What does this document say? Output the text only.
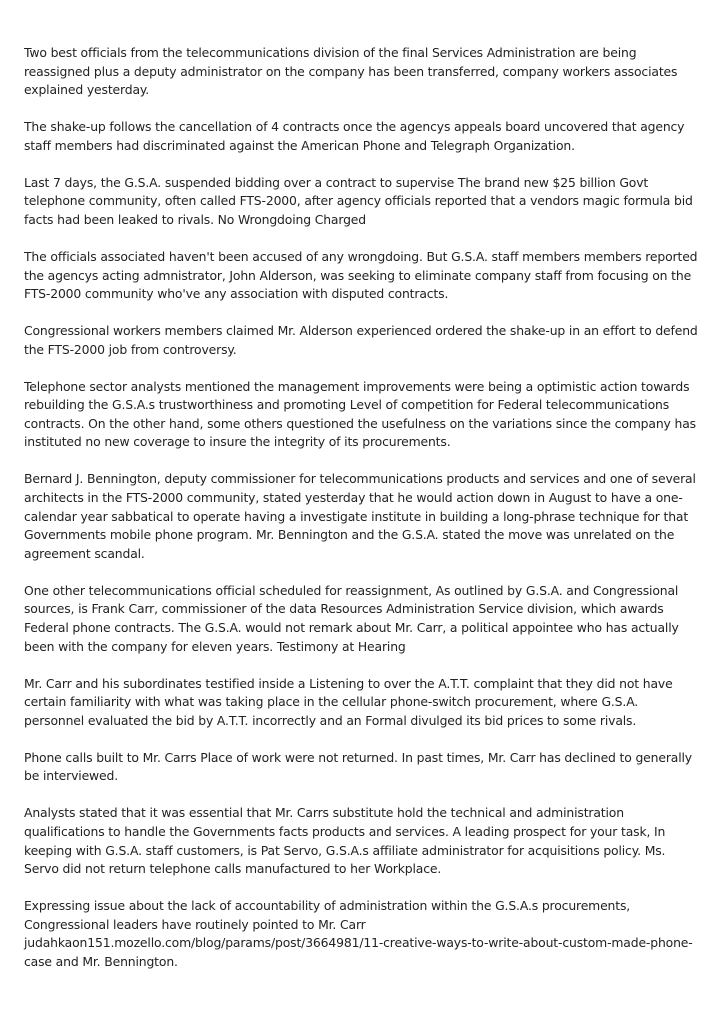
Two best officials from the telecommunications division of the final Services Administration are being reassigned plus a deputy administrator on the company has been transferred, company workers associates explained yesterday.

The shake-up follows the cancellation of 4 contracts once the agencys appeals board uncovered that agency staff members had discriminated against the American Phone and Telegraph Organization.

Last 7 days, the G.S.A. suspended bidding over a contract to supervise The brand new $25 billion Govt telephone community, often called FTS-2000, after agency officials reported that a vendors magic formula bid facts had been leaked to rivals. No Wrongdoing Charged

The officials associated haven't been accused of any wrongdoing. But G.S.A. staff members members reported the agencys acting admnistrator, John Alderson, was seeking to eliminate company staff from focusing on the FTS-2000 community who've any association with disputed contracts.

Congressional workers members claimed Mr. Alderson experienced ordered the shake-up in an effort to defend the FTS-2000 job from controversy.

Telephone sector analysts mentioned the management improvements were being a optimistic action towards rebuilding the G.S.A.s trustworthiness and promoting Level of competition for Federal telecommunications contracts. On the other hand, some others questioned the usefulness on the variations since the company has instituted no new coverage to insure the integrity of its procurements.

Bernard J. Bennington, deputy commissioner for telecommunications products and services and one of several architects in the FTS-2000 community, stated yesterday that he would action down in August to have a one-calendar year sabbatical to operate having a investigate institute in building a long-phrase technique for that Governments mobile phone program. Mr. Bennington and the G.S.A. stated the move was unrelated on the agreement scandal.

One other telecommunications official scheduled for reassignment, As outlined by G.S.A. and Congressional sources, is Frank Carr, commissioner of the data Resources Administration Service division, which awards Federal phone contracts. The G.S.A. would not remark about Mr. Carr, a political appointee who has actually been with the company for eleven years. Testimony at Hearing

Mr. Carr and his subordinates testified inside a Listening to over the A.T.T. complaint that they did not have certain familiarity with what was taking place in the cellular phone-switch procurement, where G.S.A. personnel evaluated the bid by A.T.T. incorrectly and an Formal divulged its bid prices to some rivals.

Phone calls built to Mr. Carrs Place of work were not returned. In past times, Mr. Carr has declined to generally be interviewed.

Analysts stated that it was essential that Mr. Carrs substitute hold the technical and administration qualifications to handle the Governments facts products and services. A leading prospect for your task, In keeping with G.S.A. staff customers, is Pat Servo, G.S.A.s affiliate administrator for acquisitions policy. Ms. Servo did not return telephone calls manufactured to her Workplace.

Expressing issue about the lack of accountability of administration within the G.S.A.s procurements, Congressional leaders have routinely pointed to Mr. Carr judahkaon151.mozello.com/blog/params/post/3664981/11-creative-ways-to-write-about-custom-made-phone-case and Mr. Bennington.
